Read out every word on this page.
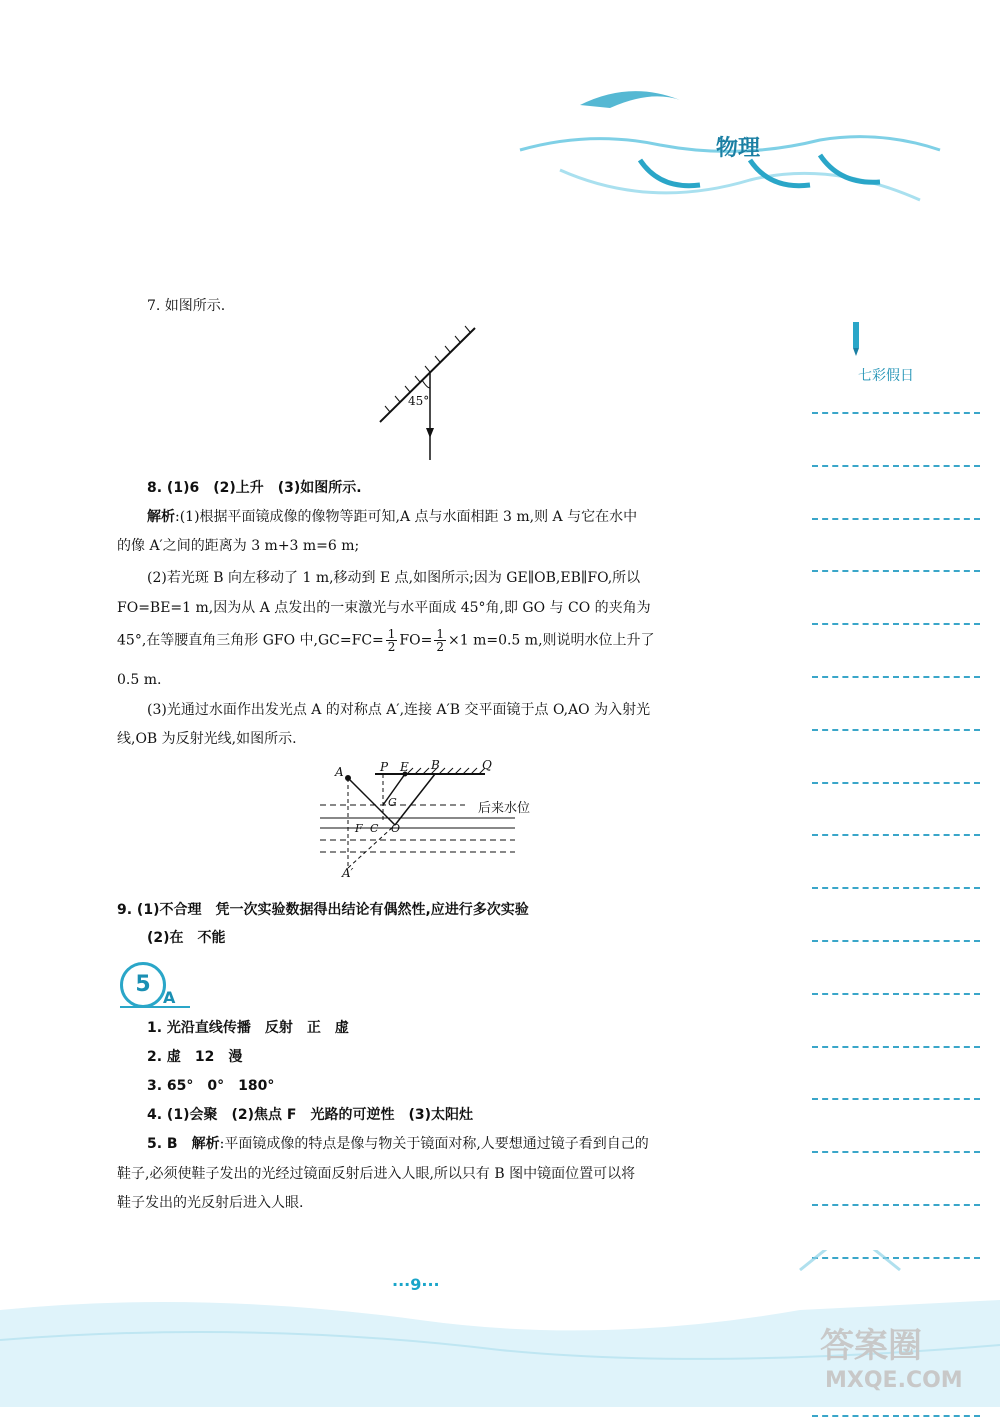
物理
七彩假日
7. 如图所示.
45°
8. (1)6　(2)上升　(3)如图所示.
解析:(1)根据平面镜成像的像物等距可知,A 点与水面相距 3 m,则 A 与它在水中
的像 A′之间的距离为 3 m+3 m=6 m;
(2)若光斑 B 向左移动了 1 m,移动到 E 点,如图所示;因为 GE∥OB,EB∥FO,所以
FO=BE=1 m,因为从 A 点发出的一束激光与水平面成 45°角,即 GO 与 CO 的夹角为
45°,在等腰直角三角形 GFO 中$,GC=FC= \frac{1}{2} FO= \frac{1}{2} \times 1$ m=0.5 m,则说明水位上升了
0.5 m.
(3)光通过水面作出发光点 A 的对称点 A′,连接 A′B 交平面镜于点 O,AO 为入射光
线,OB 为反射光线,如图所示.
A	P E B	Q
G
F C O
A′
后来水位
9. (1)不合理　凭一次实验数据得出结论有偶然性,应进行多次实验
(2)在　不能
5
A
1. 光沿直线传播　反射　正　虚
2. 虚　12　漫
3. 65°　0°　180°
4. (1)会聚　(2)焦点 F　光路的可逆性　(3)太阳灶
5. B　解析:平面镜成像的特点是像与物关于镜面对称,人要想通过镜子看到自己的
鞋子,必须使鞋子发出的光经过镜面反射后进入人眼,所以只有 B 图中镜面位置可以将
鞋子发出的光反射后进入人眼.
···9···
答案圈
MXQE.COM
